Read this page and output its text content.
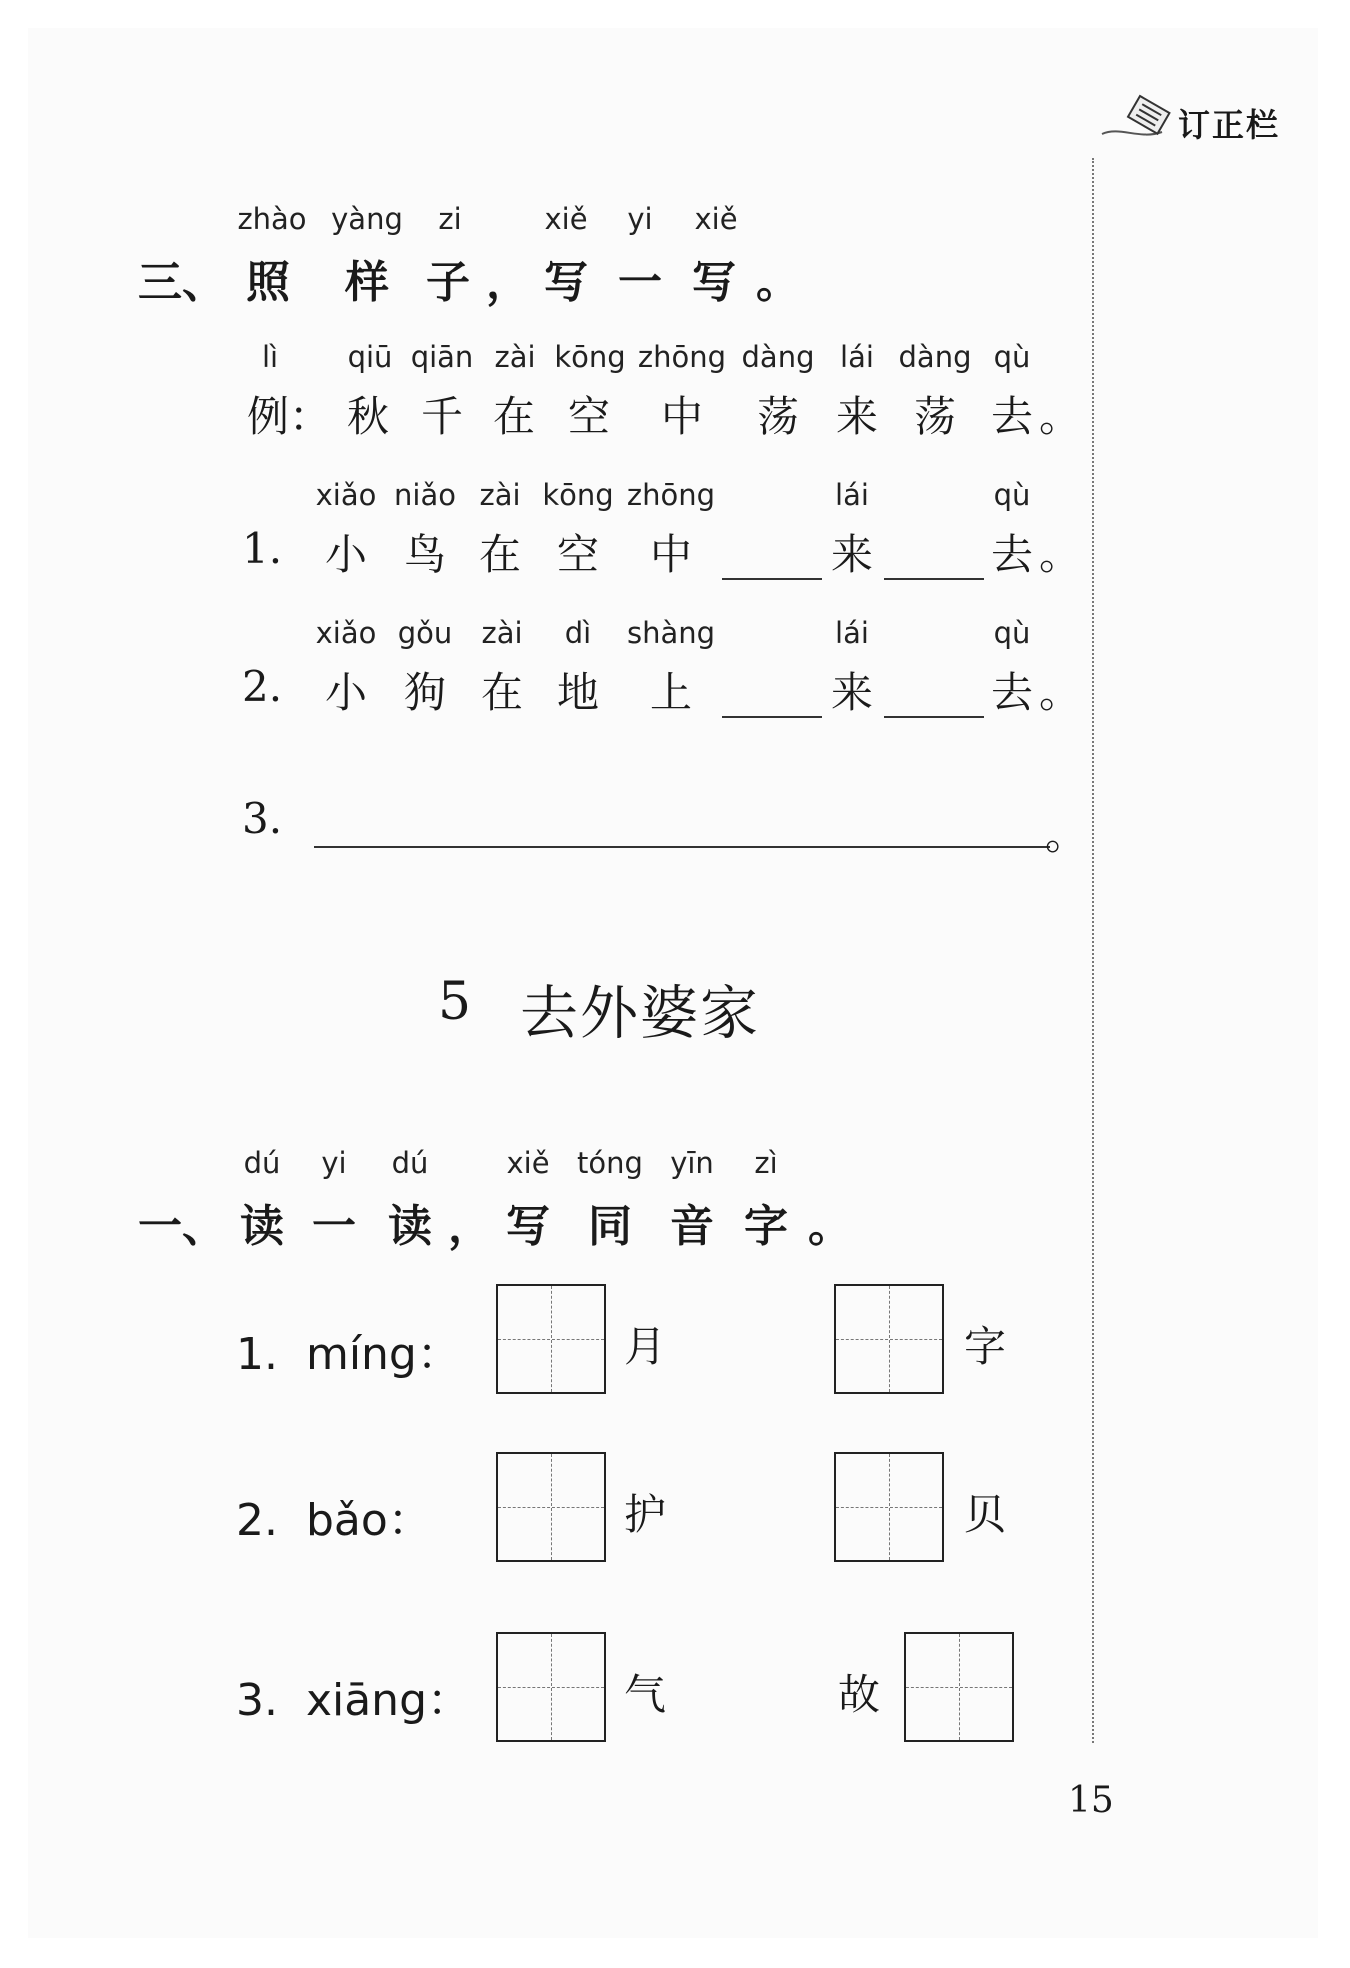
订正栏
zhào yàng zi	xiě yi xiě
三、 照 样 子 ， 写 一 写 。
lì qiū qiān zài kōng zhōng dàng lái dàng qù
例 ： 秋 千 在 空 中 荡 来 荡 去 。
xiǎo niǎo zài kōng zhōng	lái	qù
1. 小 鸟 在 空 中	来	去 。
xiǎo gǒu zài dì shàng	lái	qù
2. 小 狗 在 地 上	来	去 。
3.	。
5 去外婆家
dú yi dú	xiě tóng yīn zì
一、 读 一 读 ， 写 同 音 字 。
1.  míng：	月	字
2.  bǎo：	护	贝
3.  xiāng：	气	故
15
